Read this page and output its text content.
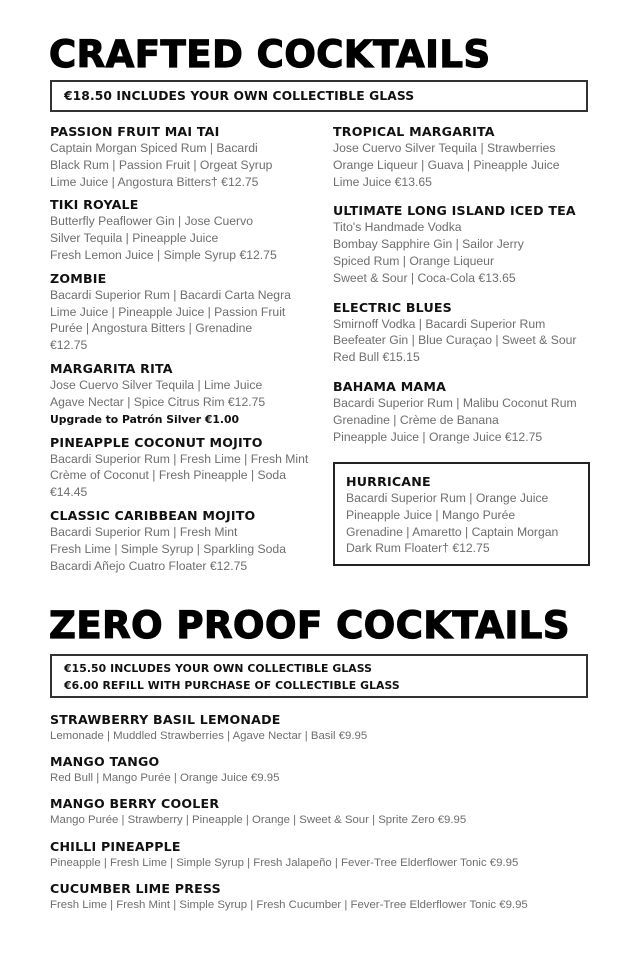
CRAFTED COCKTAILS
€18.50 INCLUDES YOUR OWN COLLECTIBLE GLASS
PASSION FRUIT MAI TAI
Captain Morgan Spiced Rum | Bacardi
Black Rum | Passion Fruit | Orgeat Syrup
Lime Juice | Angostura Bitters† €12.75
TIKI ROYALE
Butterfly Peaflower Gin | Jose Cuervo
Silver Tequila | Pineapple Juice
Fresh Lemon Juice | Simple Syrup €12.75
ZOMBIE
Bacardi Superior Rum | Bacardi Carta Negra
Lime Juice | Pineapple Juice | Passion Fruit
Purée | Angostura Bitters | Grenadine
€12.75
MARGARITA RITA
Jose Cuervo Silver Tequila | Lime Juice
Agave Nectar | Spice Citrus Rim €12.75
Upgrade to Patrón Silver €1.00
PINEAPPLE COCONUT MOJITO
Bacardi Superior Rum | Fresh Lime | Fresh Mint
Crème of Coconut | Fresh Pineapple | Soda
€14.45
CLASSIC CARIBBEAN MOJITO
Bacardi Superior Rum | Fresh Mint
Fresh Lime | Simple Syrup | Sparkling Soda
Bacardi Añejo Cuatro Floater €12.75
TROPICAL MARGARITA
Jose Cuervo Silver Tequila | Strawberries
Orange Liqueur | Guava | Pineapple Juice
Lime Juice €13.65
ULTIMATE LONG ISLAND ICED TEA
Tito's Handmade Vodka
Bombay Sapphire Gin | Sailor Jerry
Spiced Rum | Orange Liqueur
Sweet & Sour | Coca-Cola €13.65
ELECTRIC BLUES
Smirnoff Vodka | Bacardi Superior Rum
Beefeater Gin | Blue Curaçao | Sweet & Sour
Red Bull €15.15
BAHAMA MAMA
Bacardi Superior Rum | Malibu Coconut Rum
Grenadine | Crème de Banana
Pineapple Juice | Orange Juice €12.75
HURRICANE
Bacardi Superior Rum | Orange Juice
Pineapple Juice | Mango Purée
Grenadine | Amaretto | Captain Morgan
Dark Rum Floater† €12.75
ZERO PROOF COCKTAILS
€15.50 INCLUDES YOUR OWN COLLECTIBLE GLASS
€6.00 REFILL WITH PURCHASE OF COLLECTIBLE GLASS
STRAWBERRY BASIL LEMONADE
Lemonade | Muddled Strawberries | Agave Nectar | Basil €9.95
MANGO TANGO
Red Bull | Mango Purée | Orange Juice €9.95
MANGO BERRY COOLER
Mango Purée | Strawberry | Pineapple | Orange | Sweet & Sour | Sprite Zero €9.95
CHILLI PINEAPPLE
Pineapple | Fresh Lime | Simple Syrup | Fresh Jalapeño | Fever-Tree Elderflower Tonic €9.95
CUCUMBER LIME PRESS
Fresh Lime | Fresh Mint | Simple Syrup | Fresh Cucumber | Fever-Tree Elderflower Tonic €9.95
